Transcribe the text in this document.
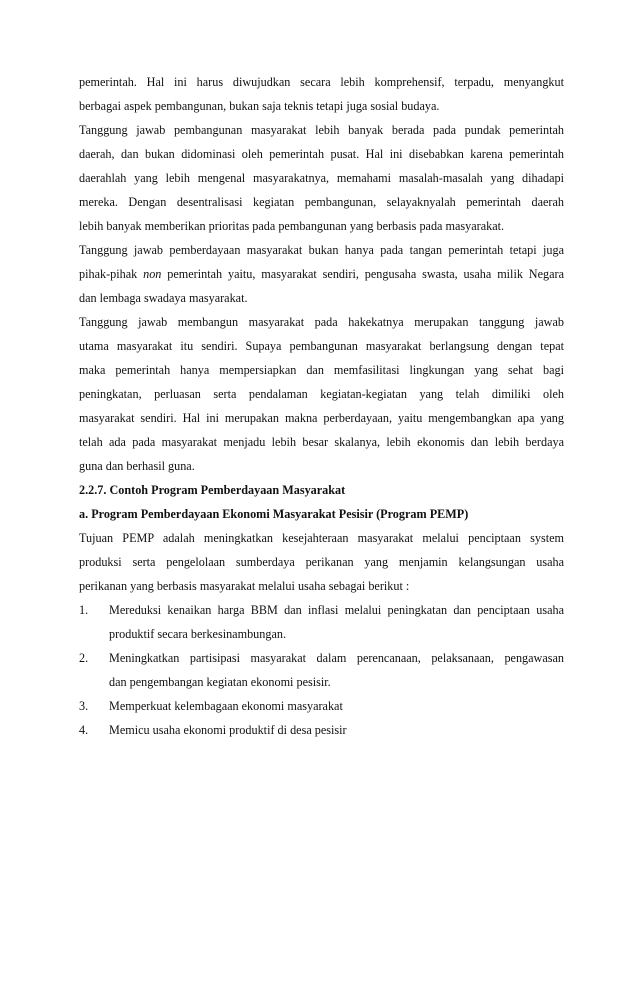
pemerintah. Hal ini harus diwujudkan secara lebih komprehensif, terpadu, menyangkut
berbagai aspek pembangunan, bukan saja teknis tetapi juga sosial budaya.
Tanggung jawab pembangunan masyarakat lebih banyak berada pada pundak pemerintah
daerah, dan bukan didominasi oleh pemerintah pusat. Hal ini disebabkan karena pemerintah
daerahlah yang lebih mengenal masyarakatnya, memahami masalah-masalah yang dihadapi
mereka. Dengan desentralisasi kegiatan pembangunan, selayaknyalah pemerintah daerah
lebih banyak memberikan prioritas pada pembangunan yang berbasis pada masyarakat.
Tanggung jawab pemberdayaan masyarakat bukan hanya pada tangan pemerintah tetapi juga
pihak-pihak non pemerintah yaitu, masyarakat sendiri, pengusaha swasta, usaha milik Negara
dan lembaga swadaya masyarakat.
Tanggung jawab membangun masyarakat pada hakekatnya merupakan tanggung jawab
utama masyarakat itu sendiri. Supaya pembangunan masyarakat berlangsung dengan tepat
maka pemerintah hanya mempersiapkan dan memfasilitasi lingkungan yang sehat bagi
peningkatan, perluasan serta pendalaman kegiatan-kegiatan yang telah dimiliki oleh
masyarakat sendiri. Hal ini merupakan makna perberdayaan, yaitu mengembangkan apa yang
telah ada pada masyarakat menjadu lebih besar skalanya, lebih ekonomis dan lebih berdaya
guna dan berhasil guna.
2.2.7. Contoh Program Pemberdayaan Masyarakat
a. Program Pemberdayaan Ekonomi Masyarakat Pesisir (Program PEMP)
Tujuan PEMP adalah meningkatkan kesejahteraan masyarakat melalui penciptaan system
produksi serta pengelolaan sumberdaya perikanan yang menjamin kelangsungan usaha
perikanan yang berbasis masyarakat melalui usaha sebagai berikut :
1.	Mereduksi kenaikan harga BBM dan inflasi melalui peningkatan dan penciptaan usaha
produktif secara berkesinambungan.
2.	Meningkatkan partisipasi masyarakat dalam perencanaan, pelaksanaan, pengawasan
dan pengembangan kegiatan ekonomi pesisir.
3.	Memperkuat kelembagaan ekonomi masyarakat
4.	Memicu usaha ekonomi produktif di desa pesisir
